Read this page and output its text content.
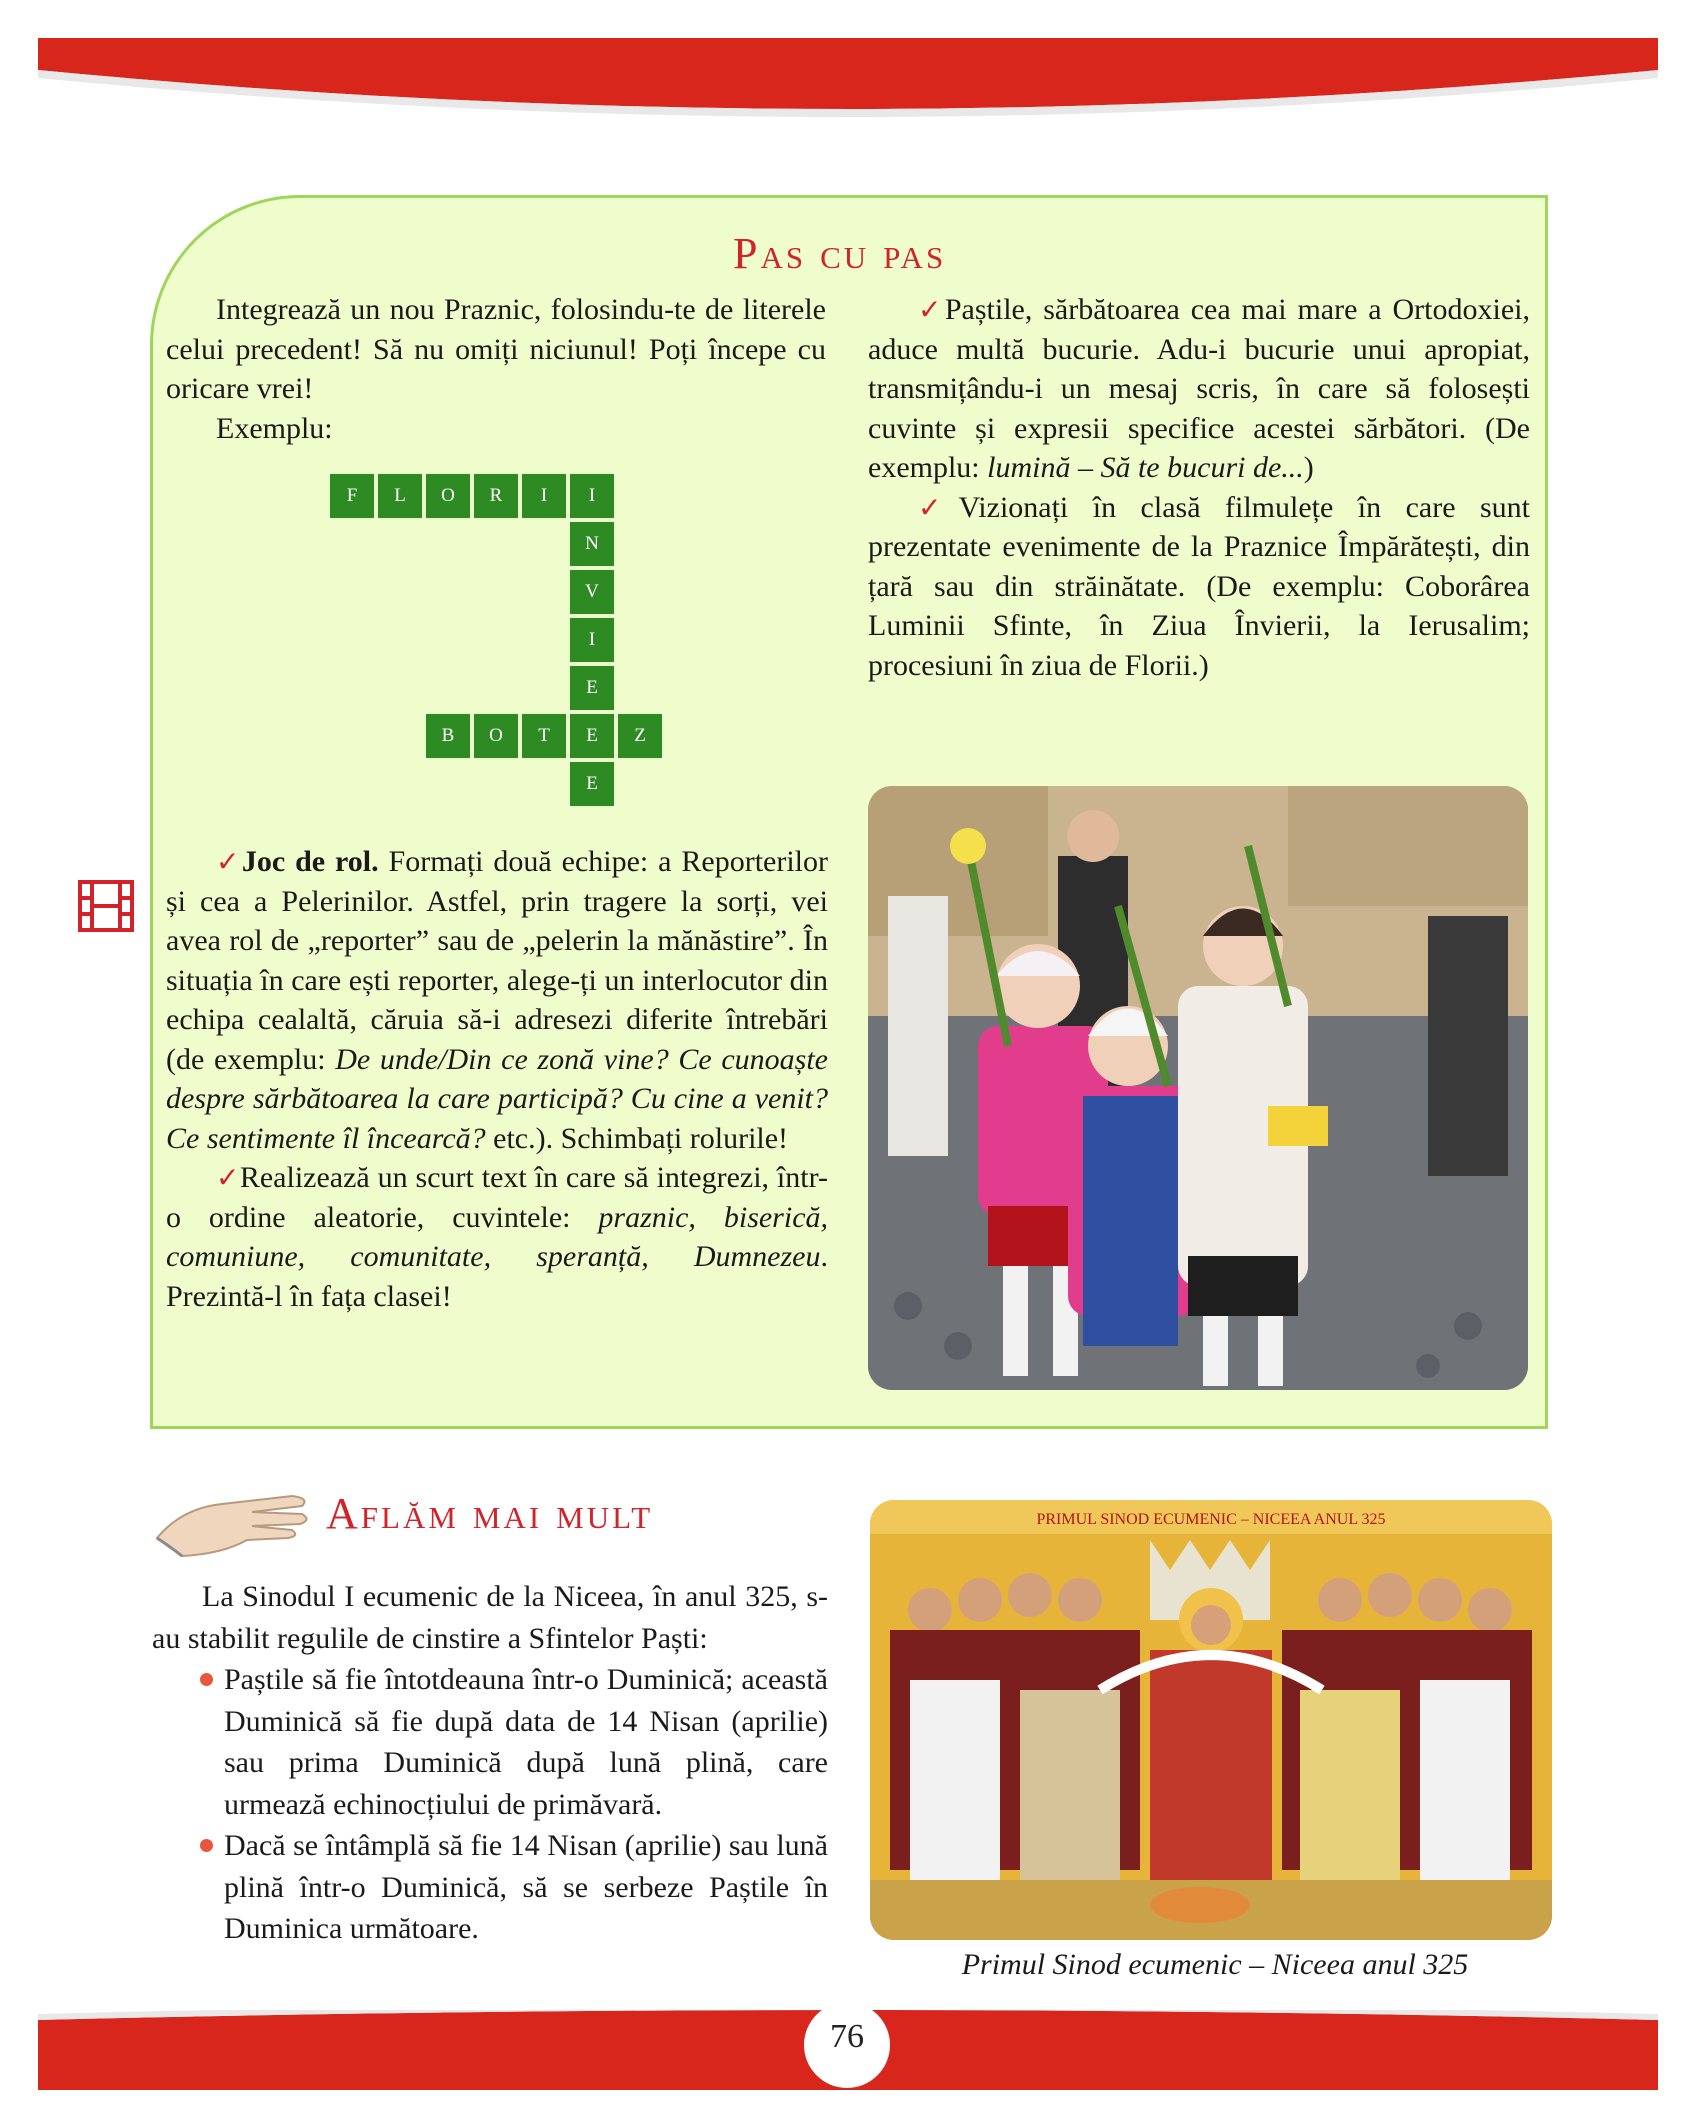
Pas cu pas

Integrează un nou Praznic, folosindu-te de literele celui precedent! Să nu omiți niciunul! Poți începe cu oricare vrei!

Exemplu:

F	L	O	R	I	I
N
V
I
E
B	O	T	E	Z
E

✓Paștile, sărbătoarea cea mai mare a Ortodoxiei, aduce multă bucurie. Adu-i bucurie unui apropiat, transmițându-i un mesaj scris, în care să folosești cuvinte și expresii specifice acestei sărbători. (De exemplu: lumină – Să te bucuri de...)

✓Vizionați în clasă filmulețe în care sunt prezentate evenimente de la Praznice Împărătești, din țară sau din străinătate. (De exemplu: Coborârea Luminii Sfinte, în Ziua Învierii, la Ierusalim; procesiuni în ziua de Florii.)

✓Joc de rol. Formați două echipe: a Reporterilor și cea a Pelerinilor. Astfel, prin tragere la sorți, vei avea rol de „reporter” sau de „pelerin la mănăstire”. În situația în care ești reporter, alege-ți un interlocutor din echipa cealaltă, căruia să-i adresezi diferite întrebări (de exemplu: De unde/Din ce zonă vine? Ce cunoaște despre sărbătoarea la care participă? Cu cine a venit? Ce sentimente îl încearcă? etc.). Schimbați rolurile!

✓Realizează un scurt text în care să integrezi, într-o ordine aleatorie, cuvintele: praznic, biserică, comuniune, comunitate, speranță, Dumnezeu. Prezintă-l în fața clasei!

Aflăm mai mult

La Sinodul I ecumenic de la Niceea, în anul 325, s-au stabilit regulile de cinstire a Sfintelor Paști:

Paștile să fie întotdeauna într-o Duminică; această Duminică să fie după data de 14 Nisan (aprilie) sau prima Duminică după lună plină, care urmează echinocțiului de primăvară.

Dacă se întâmplă să fie 14 Nisan (aprilie) sau lună plină într-o Duminică, să se serbeze Paștile în Duminica următoare.

PRIMUL SINOD ECUMENIC – NICEEA ANUL 325
Primul Sinod ecumenic – Niceea anul 325
76
